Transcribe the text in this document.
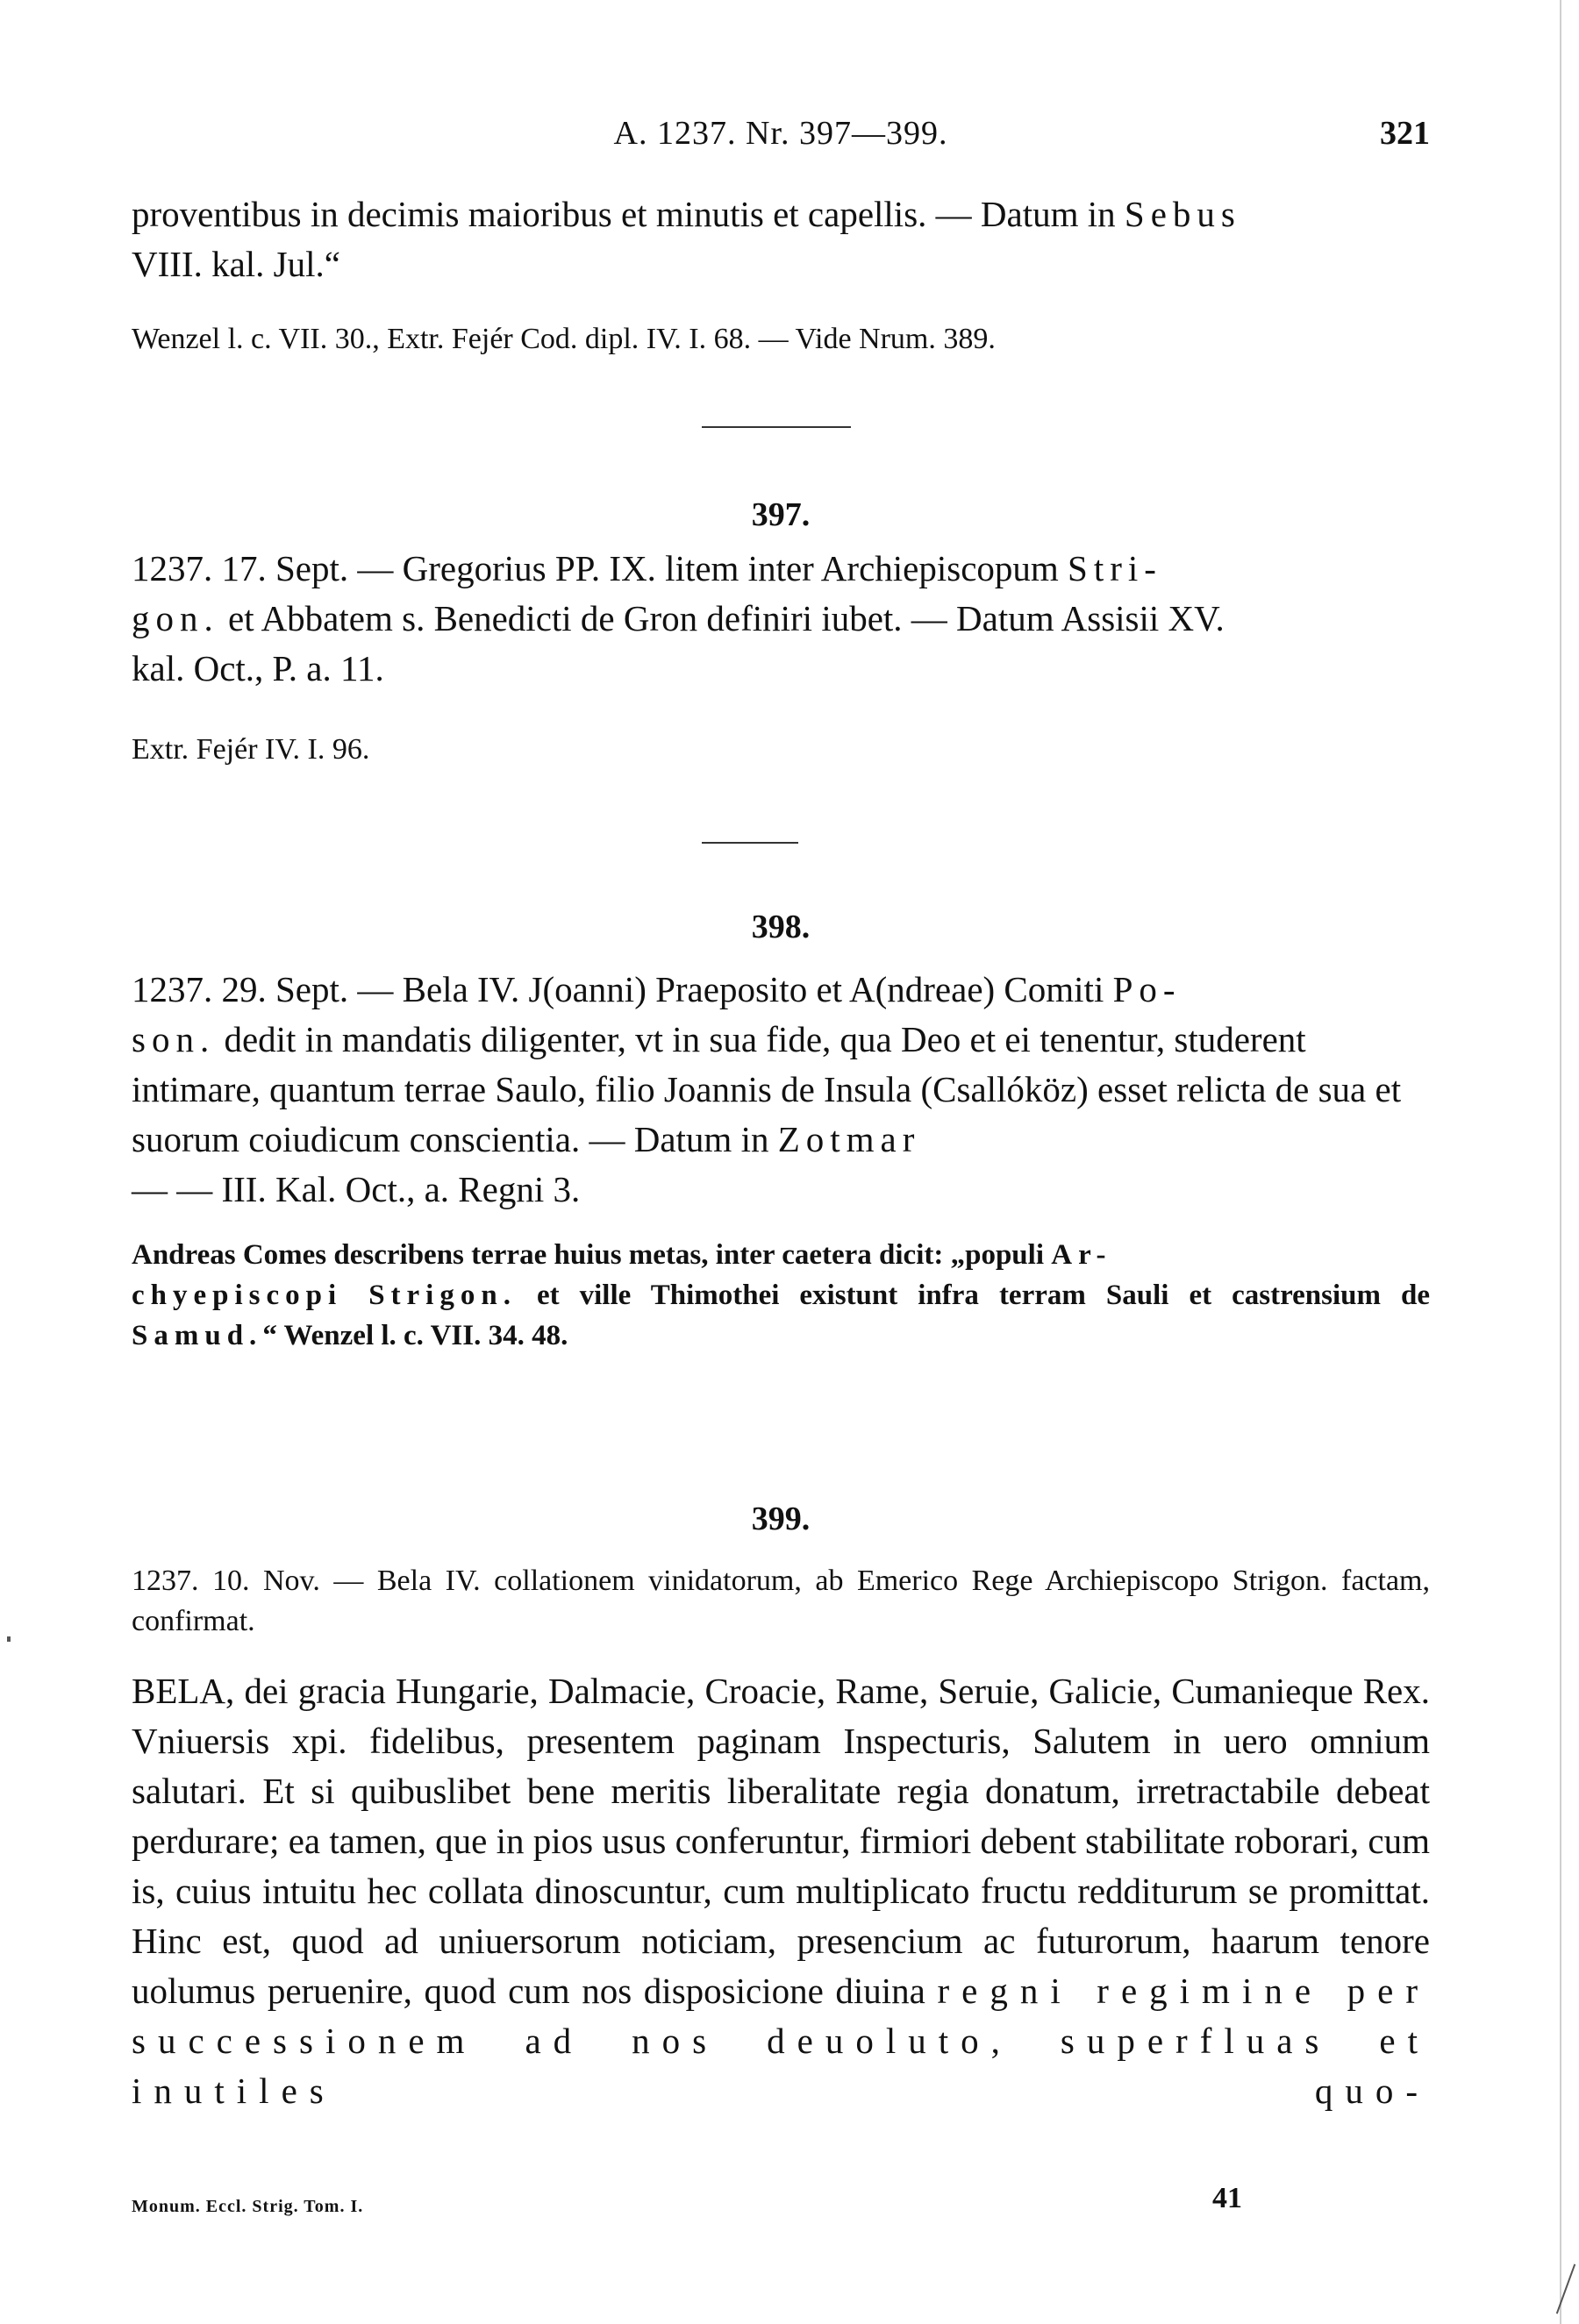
A. 1237. Nr. 397—399.	321

proventibus in decimis maioribus et minutis et capellis. — Datum in Sebus
VIII. kal. Jul.“

Wenzel l. c. VII. 30., Extr. Fejér Cod. dipl. IV. I. 68. — Vide Nrum. 389.

397.

1237. 17. Sept. — Gregorius PP. IX. litem inter Archiepiscopum Stri-
gon. et Abbatem s. Benedicti de Gron definiri iubet. — Datum Assisii XV.
kal. Oct., P. a. 11.

Extr. Fejér IV. I. 96.

398.

1237. 29. Sept. — Bela IV. J(oanni) Praeposito et A(ndreae) Comiti Po-
son. dedit in mandatis diligenter, vt in sua fide, qua Deo et ei tenentur, studerent intimare, quantum terrae Saulo, filio Joannis de Insula (Csallóköz) esset relicta de sua et suorum coiudicum conscientia. — Datum in Zotmar
— — III. Kal. Oct., a. Regni 3.

Andreas Comes describens terrae huius metas, inter caetera dicit: „populi Ar-
chyepiscopi Strigon. et ville Thimothei existunt infra terram Sauli et castrensium de Samud.“ Wenzel l. c. VII. 34. 48.

399.

1237. 10. Nov. — Bela IV. collationem vinidatorum, ab Emerico Rege Archiepiscopo Strigon. factam, confirmat.

BELA, dei gracia Hungarie, Dalmacie, Croacie, Rame, Seruie, Galicie, Cumanieque Rex. Vniuersis xpi. fidelibus, presentem paginam Inspecturis, Salutem in uero omnium salutari. Et si quibuslibet bene meritis liberalitate regia donatum, irretractabile debeat perdurare; ea tamen, que in pios usus conferuntur, firmiori debent stabilitate roborari, cum is, cuius intuitu hec collata dinoscuntur, cum multiplicato fructu redditurum se promittat. Hinc est, quod ad uniuersorum noticiam, presencium ac futurorum, haarum tenore uolumus peruenire, quod cum nos disposicione diuina regni regimine per
successionem ad nos deuoluto, superfluas et inutiles quo-

Monum. Eccl. Strig. Tom. I.	41
